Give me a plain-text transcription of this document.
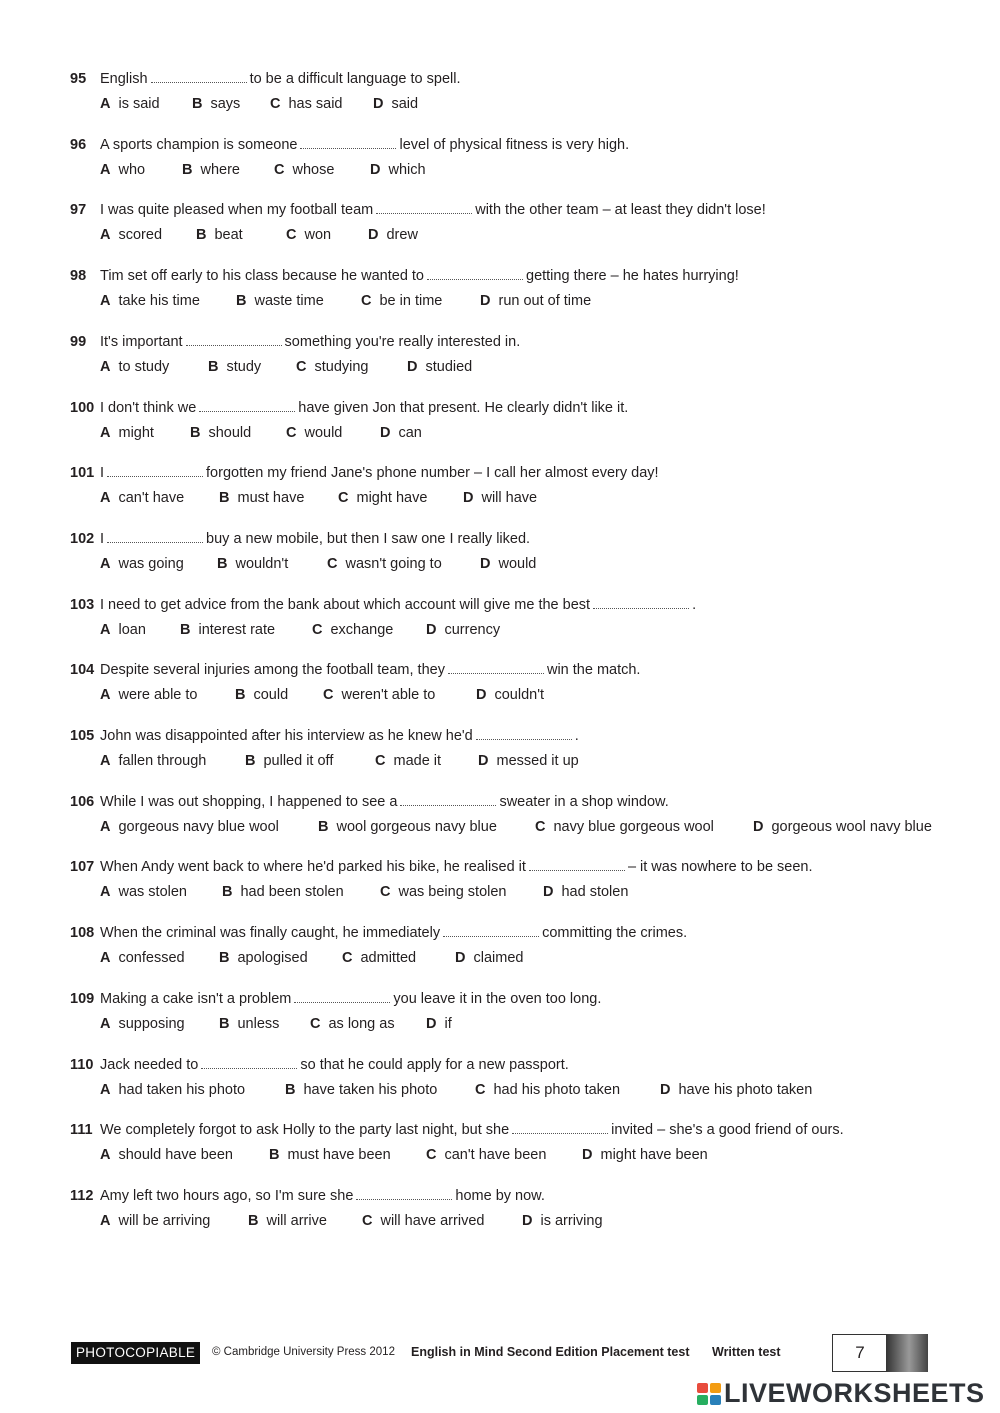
95 English	to be a difficult language to spell.
A is said B says C has said D said
96 A sports champion is someone	level of physical fitness is very high.
A who	B where C whose D which
97 I was quite pleased when my football team	with the other team – at least they didn't lose!
A scored B beat	C won	D drew
98 Tim set off early to his class because he wanted to	getting there – he hates hurrying!
A take his time B waste time	C be in time	D run out of time
99 It's important	something you're really interested in.
A to study	B study C studying	D studied
100 I don't think we	have given Jon that present. He clearly didn't like it.
A might B should C would	D can
101 I	forgotten my friend Jane's phone number – I call her almost every day!
A can't have B must have C might have D will have
102 I	buy a new mobile, but then I saw one I really liked.
A was going B wouldn't	C wasn't going to	D would
103 I need to get advice from the bank about which account will give me the best	.
A loan B interest rate	C exchange D currency
104 Despite several injuries among the football team, they	win the match.
A were able to	B could C weren't able to	D couldn't
105 John was disappointed after his interview as he knew he'd	.
A fallen through	B pulled it off	C made it	D messed it up
106 While I was out shopping, I happened to see a	sweater in a shop window.
A gorgeous navy blue wool	B wool gorgeous navy blue	C navy blue gorgeous wool	D gorgeous wool navy blue
107 When Andy went back to where he'd parked his bike, he realised it	– it was nowhere to be seen.
A was stolen B had been stolen	C was being stolen	D had stolen
108 When the criminal was finally caught, he immediately	committing the crimes.
A confessed B apologised C admitted	D claimed
109 Making a cake isn't a problem	you leave it in the oven too long.
A supposing B unless C as long as D if
110 Jack needed to	so that he could apply for a new passport.
A had taken his photo	B have taken his photo	C had his photo taken	D have his photo taken
111 We completely forgot to ask Holly to the party last night, but she	invited – she's a good friend of ours.
A should have been B must have been C can't have been D might have been
112 Amy left two hours ago, so I'm sure she	home by now.
A will be arriving	B will arrive C will have arrived	D is arriving
PHOTOCOPIABLE	© Cambridge University Press 2012 English in Mind Second Edition Placement test Written test	7
LIVEWORKSHEETS
